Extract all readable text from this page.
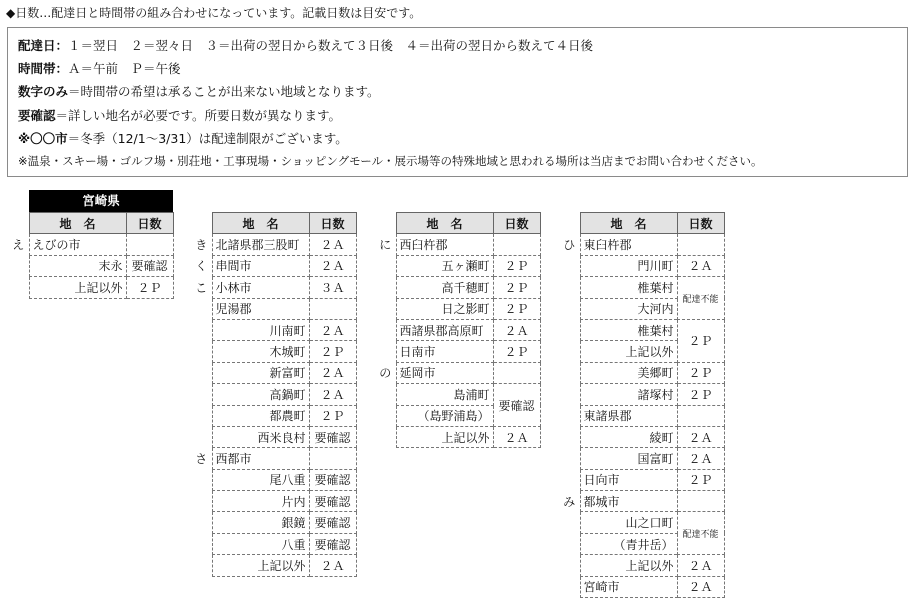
◆日数…配達日と時間帯の組み合わせになっています。記載日数は目安です。
配達日：１＝翌日　２＝翌々日　３＝出荷の翌日から数えて３日後　４＝出荷の翌日から数えて４日後
時間帯：Ａ＝午前　Ｐ＝午後
数字のみ＝時間帯の希望は承ることが出来ない地域となります。
要確認＝詳しい地名が必要です。所要日数が異なります。
※〇〇市＝冬季（12/1～3/31）は配達制限がございます。
※温泉・スキー場・ゴルフ場・別荘地・工事現場・ショッピングモール・展示場等の特殊地域と思われる場所は当店までお問い合わせください。
宮崎県
	地　名	日数
え	えびの市	
	末永	要確認
	上記以外	２Ｐ
	地　名	日数
き	北諸県郡三股町	２Ａ
く	串間市	２Ａ
こ	小林市	３Ａ
	児湯郡	
	川南町	２Ａ
	木城町	２Ｐ
	新富町	２Ａ
	高鍋町	２Ａ
	都農町	２Ｐ
	西米良村	要確認
さ	西都市	
	尾八重	要確認
	片内	要確認
	銀鏡	要確認
	八重	要確認
	上記以外	２Ａ
	地　名	日数
に	西臼杵郡	
	五ヶ瀬町	２Ｐ
	高千穂町	２Ｐ
	日之影町	２Ｐ
	西諸県郡高原町	２Ａ
	日南市	２Ｐ
の	延岡市	
	島浦町	要確認
	（島野浦島）	
	上記以外	２Ａ
	地　名	日数
ひ	東臼杵郡	
	門川町	２Ａ
	椎葉村	配達不能
	大河内	
	椎葉村	２Ｐ
	上記以外	
	美郷町	２Ｐ
	諸塚村	２Ｐ
	東諸県郡	
	綾町	２Ａ
	国富町	２Ａ
	日向市	２Ｐ
み	都城市	
	山之口町	配達不能
	（青井岳）	
	上記以外	２Ａ
	宮崎市	２Ａ
